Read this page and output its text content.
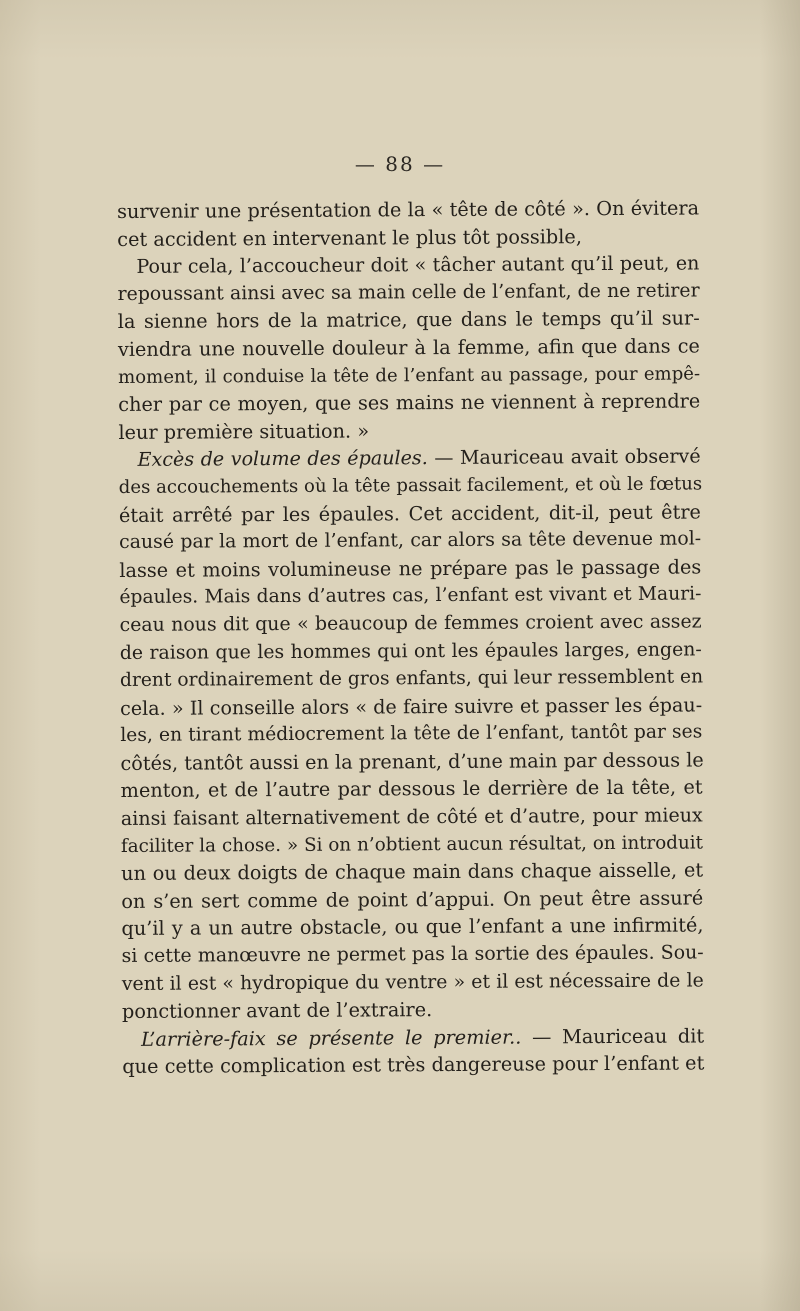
— 88 —
survenir une présentation de la « tête de côté ». On évitera
cet accident en intervenant le plus tôt possible,
Pour cela, l’accoucheur doit « tâcher autant qu’il peut, en
repoussant ainsi avec sa main celle de l’enfant, de ne retirer
la sienne hors de la matrice, que dans le temps qu’il sur-
viendra une nouvelle douleur à la femme, afin que dans ce
moment, il conduise la tête de l’enfant au passage, pour empê-
cher par ce moyen, que ses mains ne viennent à reprendre
leur première situation. »
Excès de volume des épaules. — Mauriceau avait observé
des accouchements où la tête passait facilement, et où le fœtus
était arrêté par les épaules. Cet accident, dit-il, peut être
causé par la mort de l’enfant, car alors sa tête devenue mol-
lasse et moins volumineuse ne prépare pas le passage des
épaules. Mais dans d’autres cas, l’enfant est vivant et Mauri-
ceau nous dit que « beaucoup de femmes croient avec assez
de raison que les hommes qui ont les épaules larges, engen-
drent ordinairement de gros enfants, qui leur ressemblent en
cela. » Il conseille alors « de faire suivre et passer les épau-
les, en tirant médiocrement la tête de l’enfant, tantôt par ses
côtés, tantôt aussi en la prenant, d’une main par dessous le
menton, et de l’autre par dessous le derrière de la tête, et
ainsi faisant alternativement de côté et d’autre, pour mieux
faciliter la chose. » Si on n’obtient aucun résultat, on introduit
un ou deux doigts de chaque main dans chaque aisselle, et
on s’en sert comme de point d’appui. On peut être assuré
qu’il y a un autre obstacle, ou que l’enfant a une infirmité,
si cette manœuvre ne permet pas la sortie des épaules. Sou-
vent il est « hydropique du ventre » et il est nécessaire de le
ponctionner avant de l’extraire.
L’arrière-faix se présente le premier.. — Mauriceau dit
que cette complication est très dangereuse pour l’enfant et
